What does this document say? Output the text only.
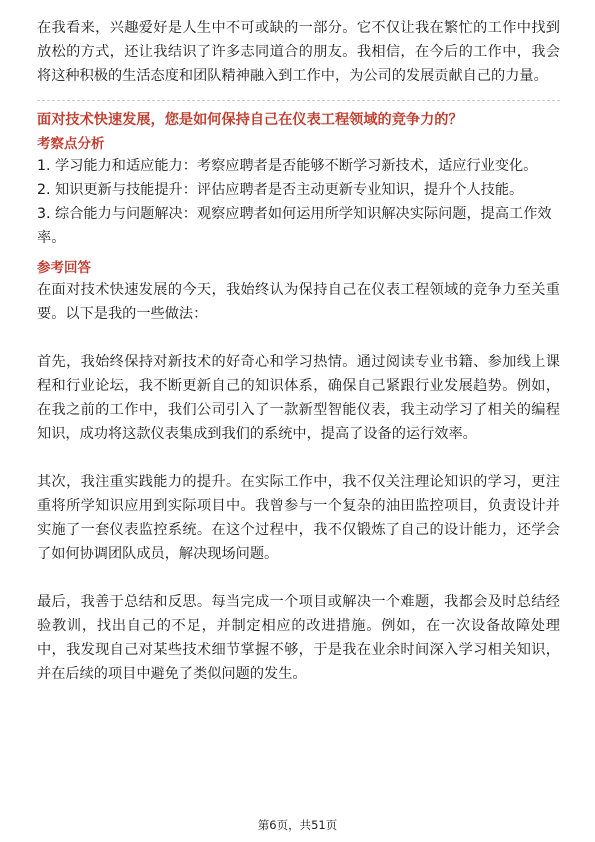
在我看来，兴趣爱好是人生中不可或缺的一部分。它不仅让我在繁忙的工作中找到放松的方式，还让我结识了许多志同道合的朋友。我相信，在今后的工作中，我会将这种积极的生活态度和团队精神融入到工作中，为公司的发展贡献自己的力量。

面对技术快速发展，您是如何保持自己在仪表工程领域的竞争力的？

考察点分析

1. 学习能力和适应能力：考察应聘者是否能够不断学习新技术，适应行业变化。

2. 知识更新与技能提升：评估应聘者是否主动更新专业知识，提升个人技能。

3. 综合能力与问题解决：观察应聘者如何运用所学知识解决实际问题，提高工作效率。

参考回答

在面对技术快速发展的今天，我始终认为保持自己在仪表工程领域的竞争力至关重要。以下是我的一些做法：

首先，我始终保持对新技术的好奇心和学习热情。通过阅读专业书籍、参加线上课程和行业论坛，我不断更新自己的知识体系，确保自己紧跟行业发展趋势。例如，在我之前的工作中，我们公司引入了一款新型智能仪表，我主动学习了相关的编程知识，成功将这款仪表集成到我们的系统中，提高了设备的运行效率。

其次，我注重实践能力的提升。在实际工作中，我不仅关注理论知识的学习，更注重将所学知识应用到实际项目中。我曾参与一个复杂的油田监控项目，负责设计并实施了一套仪表监控系统。在这个过程中，我不仅锻炼了自己的设计能力，还学会了如何协调团队成员，解决现场问题。

最后，我善于总结和反思。每当完成一个项目或解决一个难题，我都会及时总结经验教训，找出自己的不足，并制定相应的改进措施。例如，在一次设备故障处理中，我发现自己对某些技术细节掌握不够，于是我在业余时间深入学习相关知识，并在后续的项目中避免了类似问题的发生。

第6页，共51页
